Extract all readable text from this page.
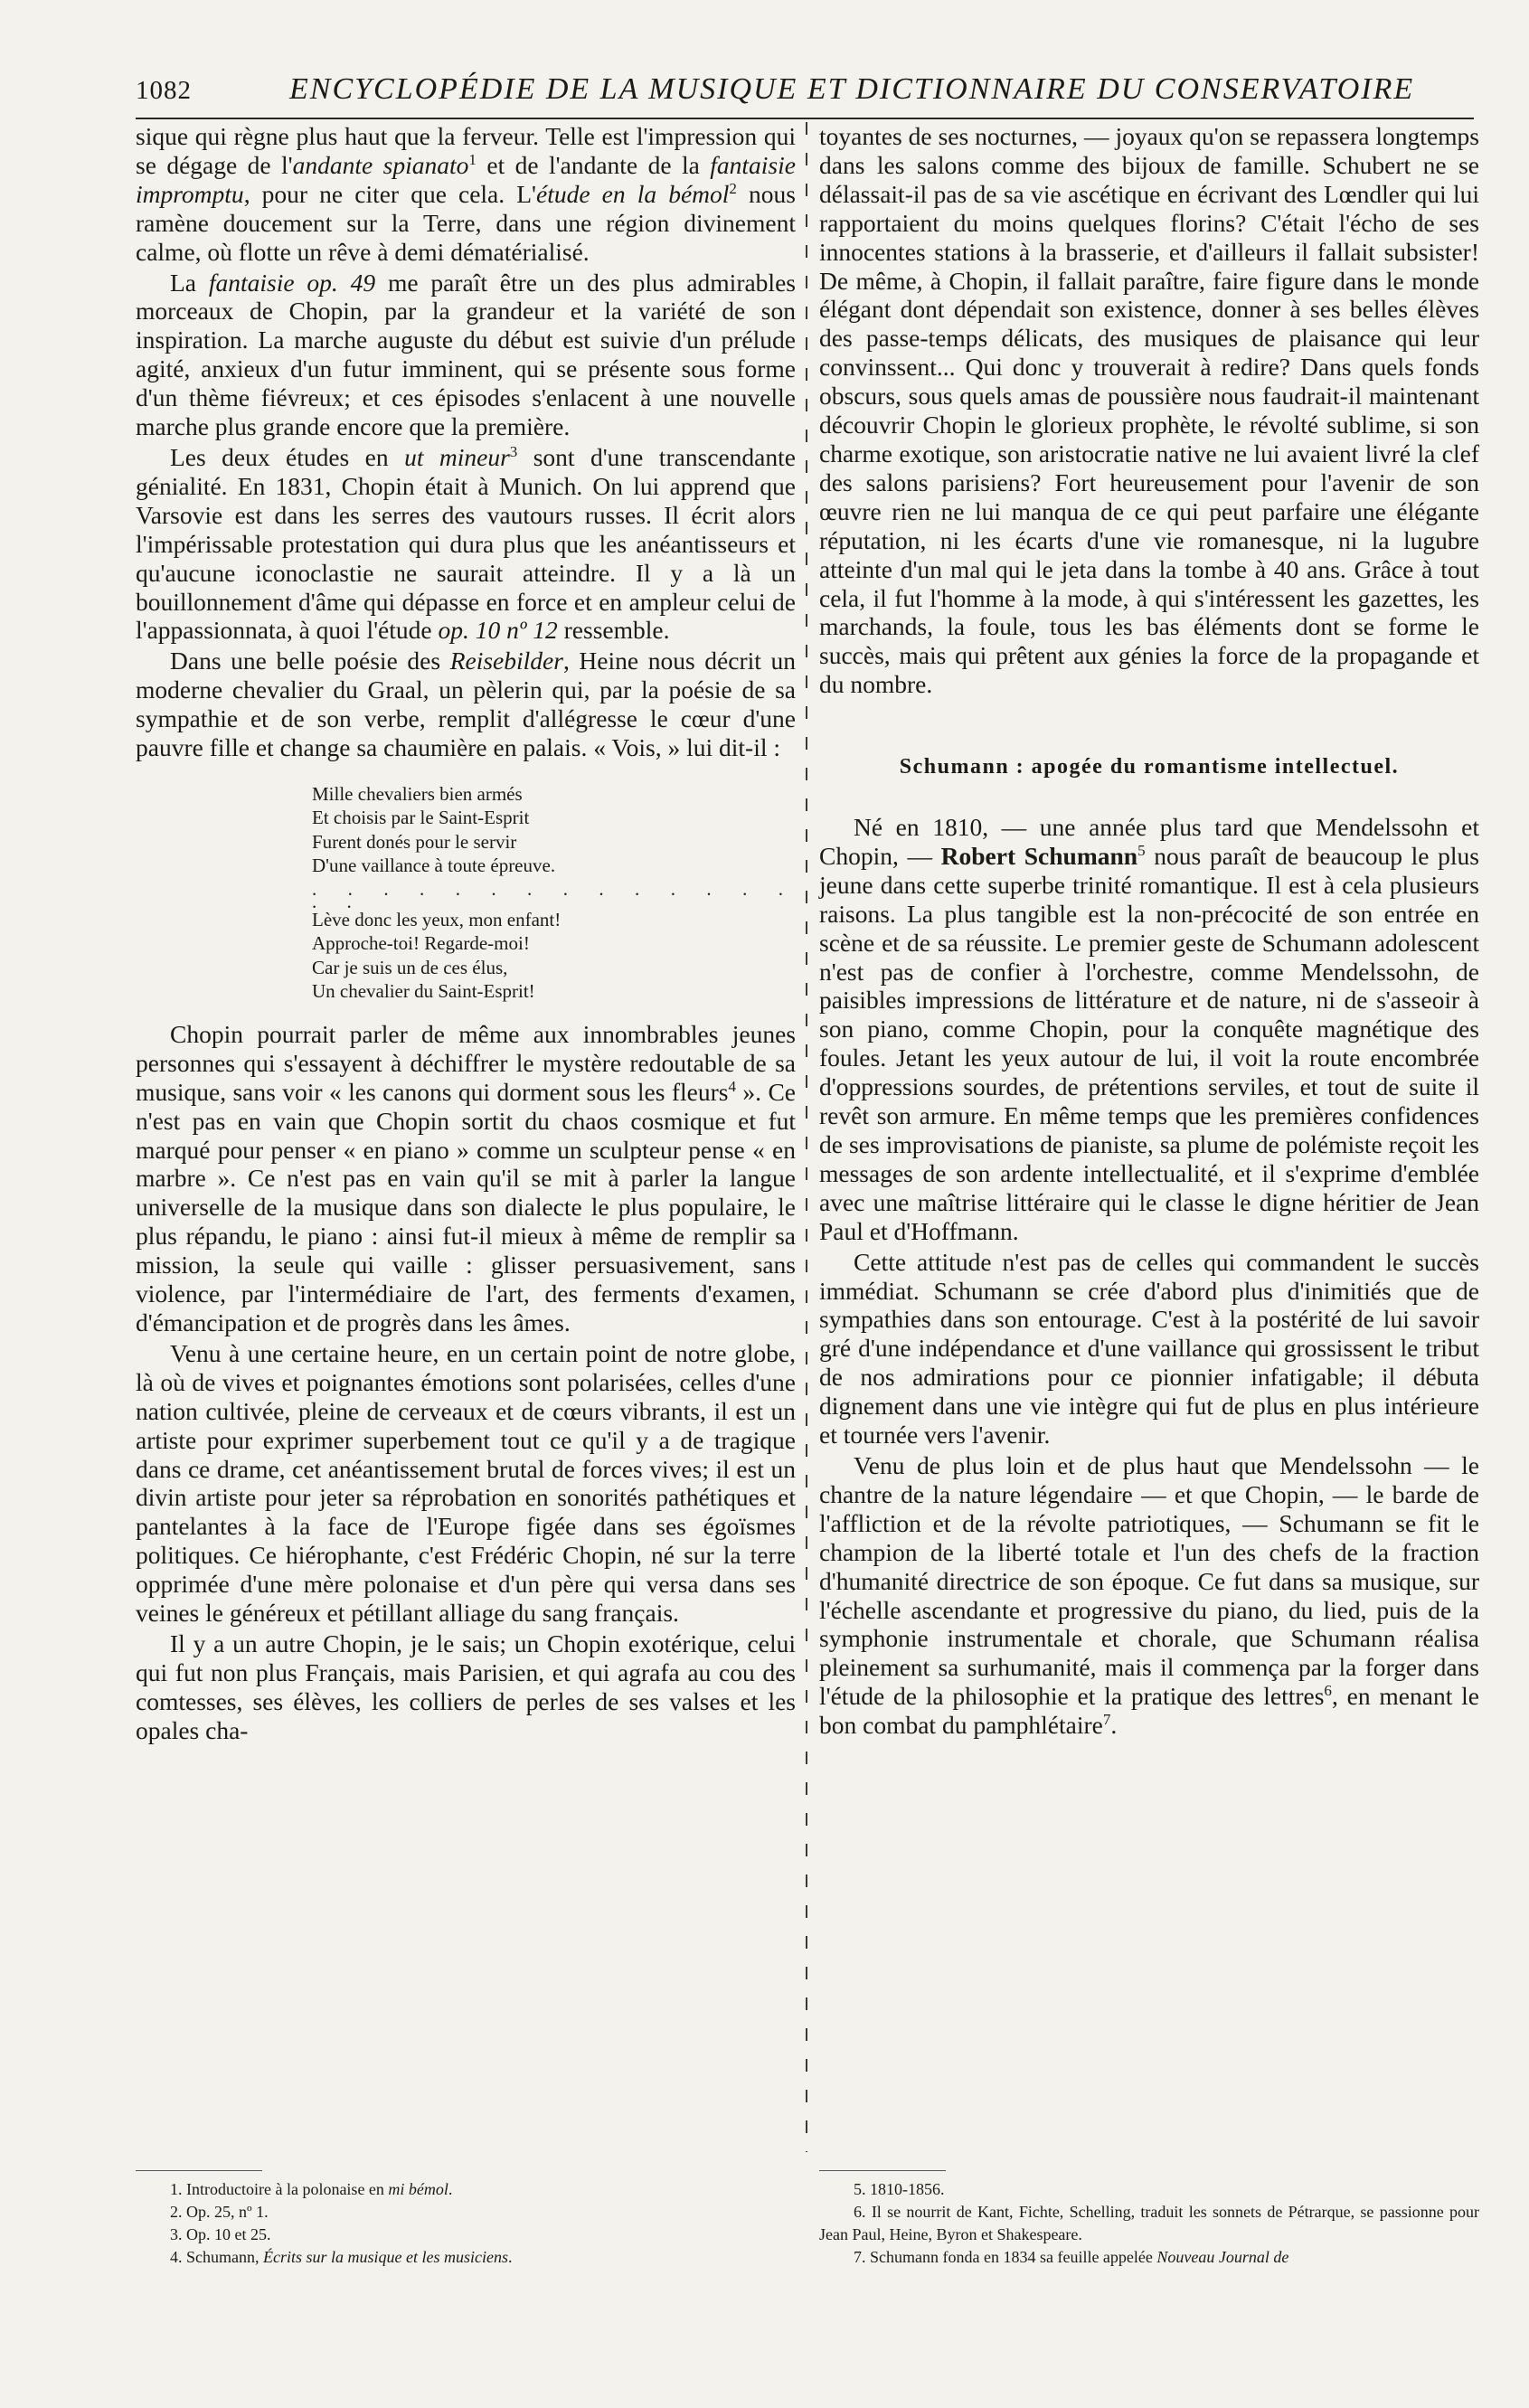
1082	ENCYCLOPÉDIE DE LA MUSIQUE ET DICTIONNAIRE DU CONSERVATOIRE

sique qui règne plus haut que la ferveur. Telle est l'impression qui se dégage de l'andante spianato$^1$ et de l'andante de la fantaisie impromptu, pour ne citer que cela. L'étude en la bémol$^2$ nous ramène doucement sur la Terre, dans une région divinement calme, où flotte un rêve à demi dématérialisé.

La fantaisie op. 49 me paraît être un des plus admirables morceaux de Chopin, par la grandeur et la variété de son inspiration. La marche auguste du début est suivie d'un prélude agité, anxieux d'un futur imminent, qui se présente sous forme d'un thème fiévreux; et ces épisodes s'enlacent à une nouvelle marche plus grande encore que la première.

Les deux études en ut mineur$^3$ sont d'une transcendante génialité. En 1831, Chopin était à Munich. On lui apprend que Varsovie est dans les serres des vautours russes. Il écrit alors l'impérissable protestation qui dura plus que les anéantisseurs et qu'aucune iconoclastie ne saurait atteindre. Il y a là un bouillonnement d'âme qui dépasse en force et en ampleur celui de l'appassionnata, à quoi l'étude op. 10 nº 12 ressemble.

Dans une belle poésie des Reisebilder, Heine nous décrit un moderne chevalier du Graal, un pèlerin qui, par la poésie de sa sympathie et de son verbe, remplit d'allégresse le cœur d'une pauvre fille et change sa chaumière en palais. « Vois, » lui dit-il :

Mille chevaliers bien armés
Et choisis par le Saint-Esprit
Furent donés pour le servir
D'une vaillance à toute épreuve.
. . . . . . . . . . . . . . . .
Lève donc les yeux, mon enfant!
Approche-toi! Regarde-moi!
Car je suis un de ces élus,
Un chevalier du Saint-Esprit!

Chopin pourrait parler de même aux innombrables jeunes personnes qui s'essayent à déchiffrer le mystère redoutable de sa musique, sans voir « les canons qui dorment sous les fleurs$^4$ ». Ce n'est pas en vain que Chopin sortit du chaos cosmique et fut marqué pour penser « en piano » comme un sculpteur pense « en marbre ». Ce n'est pas en vain qu'il se mit à parler la langue universelle de la musique dans son dialecte le plus populaire, le plus répandu, le piano : ainsi fut-il mieux à même de remplir sa mission, la seule qui vaille : glisser persuasivement, sans violence, par l'intermédiaire de l'art, des ferments d'examen, d'émancipation et de progrès dans les âmes.

Venu à une certaine heure, en un certain point de notre globe, là où de vives et poignantes émotions sont polarisées, celles d'une nation cultivée, pleine de cerveaux et de cœurs vibrants, il est un artiste pour exprimer superbement tout ce qu'il y a de tragique dans ce drame, cet anéantissement brutal de forces vives; il est un divin artiste pour jeter sa réprobation en sonorités pathétiques et pantelantes à la face de l'Europe figée dans ses égoïsmes politiques. Ce hiérophante, c'est Frédéric Chopin, né sur la terre opprimée d'une mère polonaise et d'un père qui versa dans ses veines le généreux et pétillant alliage du sang français.

Il y a un autre Chopin, je le sais; un Chopin exotérique, celui qui fut non plus Français, mais Parisien, et qui agrafa au cou des comtesses, ses élèves, les colliers de perles de ses valses et les opales cha-

toyantes de ses nocturnes, — joyaux qu'on se repassera longtemps dans les salons comme des bijoux de famille. Schubert ne se délassait-il pas de sa vie ascétique en écrivant des Lœndler qui lui rapportaient du moins quelques florins? C'était l'écho de ses innocentes stations à la brasserie, et d'ailleurs il fallait subsister! De même, à Chopin, il fallait paraître, faire figure dans le monde élégant dont dépendait son existence, donner à ses belles élèves des passe-temps délicats, des musiques de plaisance qui leur convinssent... Qui donc y trouverait à redire? Dans quels fonds obscurs, sous quels amas de poussière nous faudrait-il maintenant découvrir Chopin le glorieux prophète, le révolté sublime, si son charme exotique, son aristocratie native ne lui avaient livré la clef des salons parisiens? Fort heureusement pour l'avenir de son œuvre rien ne lui manqua de ce qui peut parfaire une élégante réputation, ni les écarts d'une vie romanesque, ni la lugubre atteinte d'un mal qui le jeta dans la tombe à 40 ans. Grâce à tout cela, il fut l'homme à la mode, à qui s'intéressent les gazettes, les marchands, la foule, tous les bas éléments dont se forme le succès, mais qui prêtent aux génies la force de la propagande et du nombre.

Schumann : apogée du romantisme intellectuel.

Né en 1810, — une année plus tard que Mendelssohn et Chopin, — Robert Schumann$^5$ nous paraît de beaucoup le plus jeune dans cette superbe trinité romantique. Il est à cela plusieurs raisons. La plus tangible est la non-précocité de son entrée en scène et de sa réussite. Le premier geste de Schumann adolescent n'est pas de confier à l'orchestre, comme Mendelssohn, de paisibles impressions de littérature et de nature, ni de s'asseoir à son piano, comme Chopin, pour la conquête magnétique des foules. Jetant les yeux autour de lui, il voit la route encombrée d'oppressions sourdes, de prétentions serviles, et tout de suite il revêt son armure. En même temps que les premières confidences de ses improvisations de pianiste, sa plume de polémiste reçoit les messages de son ardente intellectualité, et il s'exprime d'emblée avec une maîtrise littéraire qui le classe le digne héritier de Jean Paul et d'Hoffmann.

Cette attitude n'est pas de celles qui commandent le succès immédiat. Schumann se crée d'abord plus d'inimitiés que de sympathies dans son entourage. C'est à la postérité de lui savoir gré d'une indépendance et d'une vaillance qui grossissent le tribut de nos admirations pour ce pionnier infatigable; il débuta dignement dans une vie intègre qui fut de plus en plus intérieure et tournée vers l'avenir.

Venu de plus loin et de plus haut que Mendelssohn — le chantre de la nature légendaire — et que Chopin, — le barde de l'affliction et de la révolte patriotiques, — Schumann se fit le champion de la liberté totale et l'un des chefs de la fraction d'humanité directrice de son époque. Ce fut dans sa musique, sur l'échelle ascendante et progressive du piano, du lied, puis de la symphonie instrumentale et chorale, que Schumann réalisa pleinement sa surhumanité, mais il commença par la forger dans l'étude de la philosophie et la pratique des lettres$^6$, en menant le bon combat du pamphlétaire$^7$.

1. Introductoire à la polonaise en mi bémol.
2. Op. 25, nº 1.
3. Op. 10 et 25.
4. Schumann, Écrits sur la musique et les musiciens.
5. 1810-1856.
6. Il se nourrit de Kant, Fichte, Schelling, traduit les sonnets de Pétrarque, se passionne pour Jean Paul, Heine, Byron et Shakespeare.
7. Schumann fonda en 1834 sa feuille appelée Nouveau Journal de
